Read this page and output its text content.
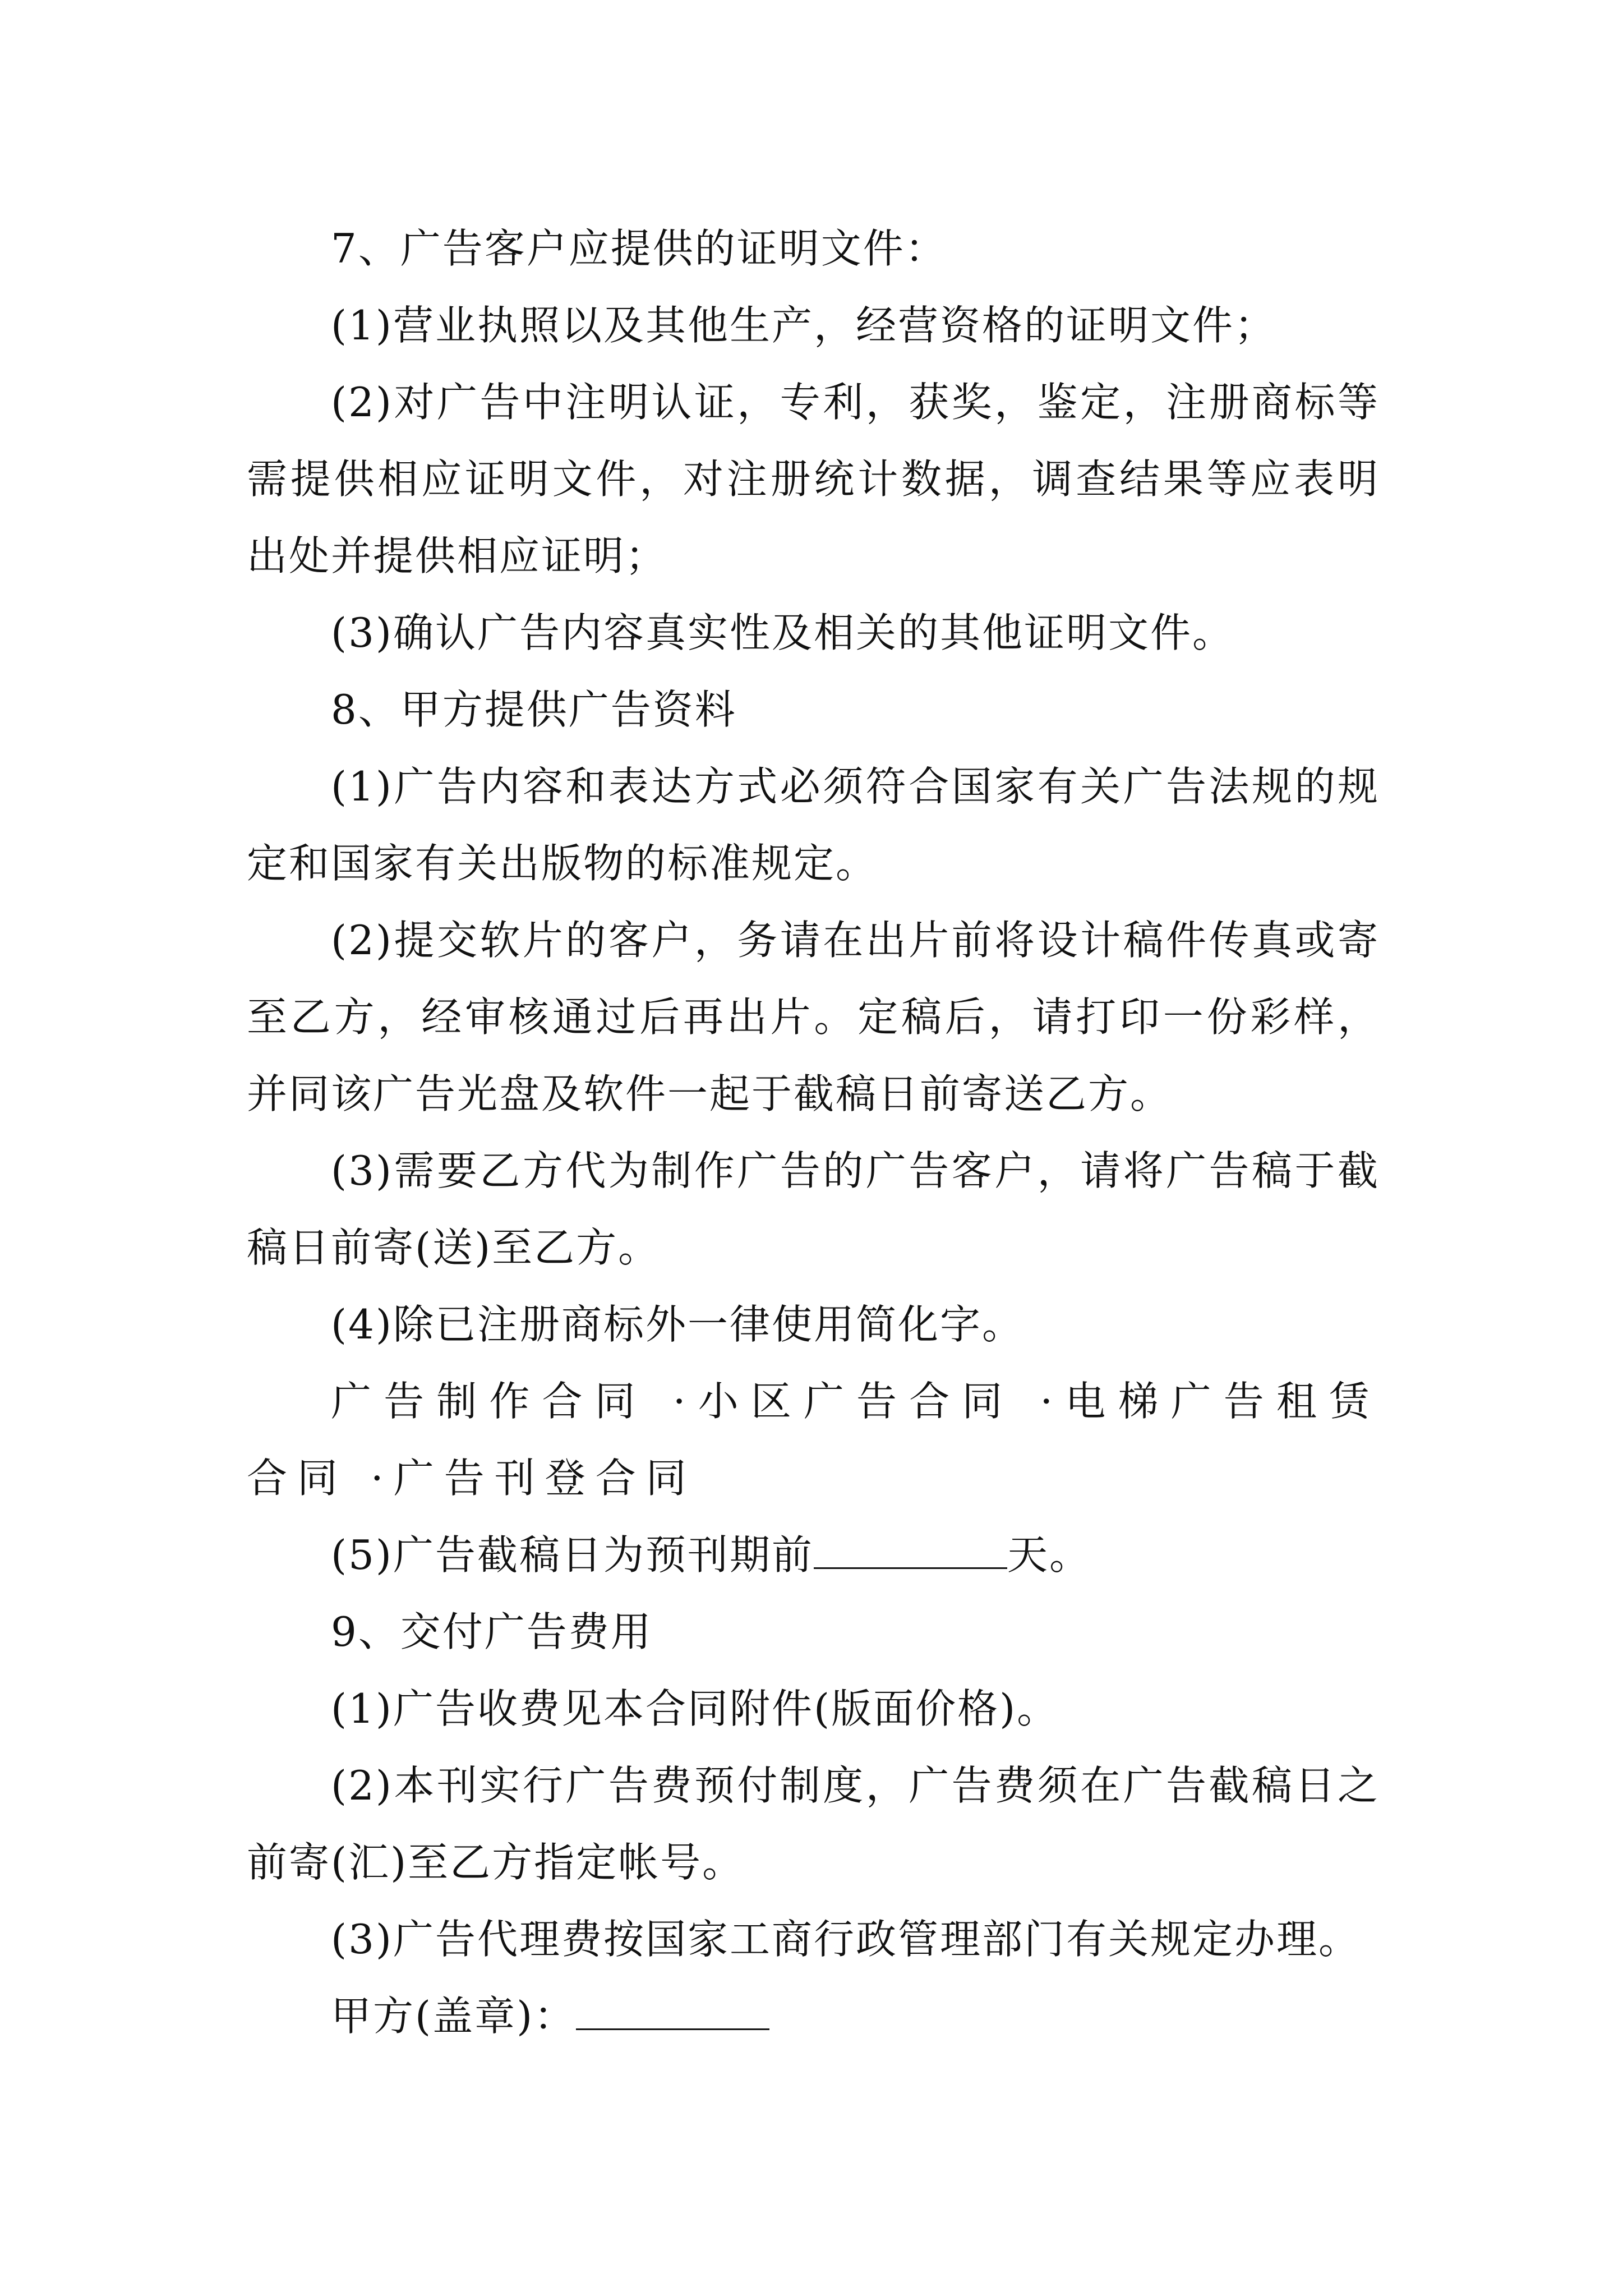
7、广告客户应提供的证明文件：

(1)营业执照以及其他生产，经营资格的证明文件；

(2)对广告中注明认证，专利，获奖，鉴定，注册商标等需提供相应证明文件，对注册统计数据，调查结果等应表明出处并提供相应证明；

(3)确认广告内容真实性及相关的其他证明文件。

8、甲方提供广告资料

(1)广告内容和表达方式必须符合国家有关广告法规的规定和国家有关出版物的标准规定。

(2)提交软片的客户，务请在出片前将设计稿件传真或寄至乙方，经审核通过后再出片。定稿后，请打印一份彩样，并同该广告光盘及软件一起于截稿日前寄送乙方。

(3)需要乙方代为制作广告的广告客户，请将广告稿于截稿日前寄(送)至乙方。

(4)除已注册商标外一律使用简化字。

广告制作合同 ·小区广告合同 ·电梯广告租赁合同 ·广告刊登合同

(5)广告截稿日为预刊期前	天。

9、交付广告费用

(1)广告收费见本合同附件(版面价格)。

(2)本刊实行广告费预付制度，广告费须在广告截稿日之前寄(汇)至乙方指定帐号。

(3)广告代理费按国家工商行政管理部门有关规定办理。

甲方(盖章)：
